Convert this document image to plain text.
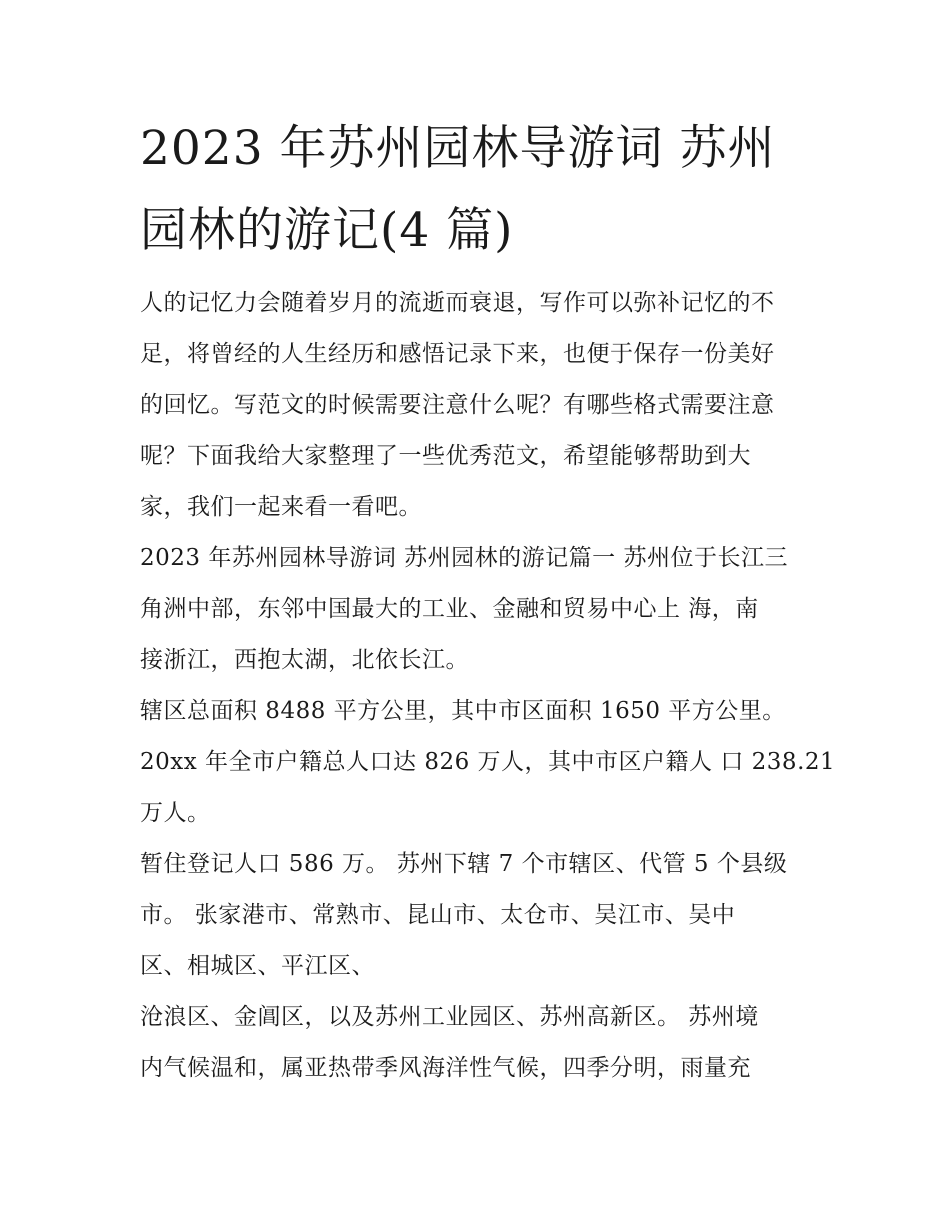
2023 年苏州园林导游词 苏州
园林的游记(4 篇)

人的记忆力会随着岁月的流逝而衰退，写作可以弥补记忆的不
足，将曾经的人生经历和感悟记录下来，也便于保存一份美好
的回忆。写范文的时候需要注意什么呢？有哪些格式需要注意
呢？下面我给大家整理了一些优秀范文，希望能够帮助到大
家，我们一起来看一看吧。

2023 年苏州园林导游词 苏州园林的游记篇一 苏州位于长江三
角洲中部，东邻中国最大的工业、金融和贸易中心上 海，南
接浙江，西抱太湖，北依长江。

辖区总面积 8488 平方公里，其中市区面积 1650 平方公里。

20xx 年全市户籍总人口达 826 万人，其中市区户籍人 口 238.21
万人。

暂住登记人口 586 万。 苏州下辖 7 个市辖区、代管 5 个县级
市。 张家港市、常熟市、昆山市、太仓市、吴江市、吴中
区、相城区、平江区、

沧浪区、金阊区，以及苏州工业园区、苏州高新区。 苏州境
内气候温和，属亚热带季风海洋性气候，四季分明，雨量充
